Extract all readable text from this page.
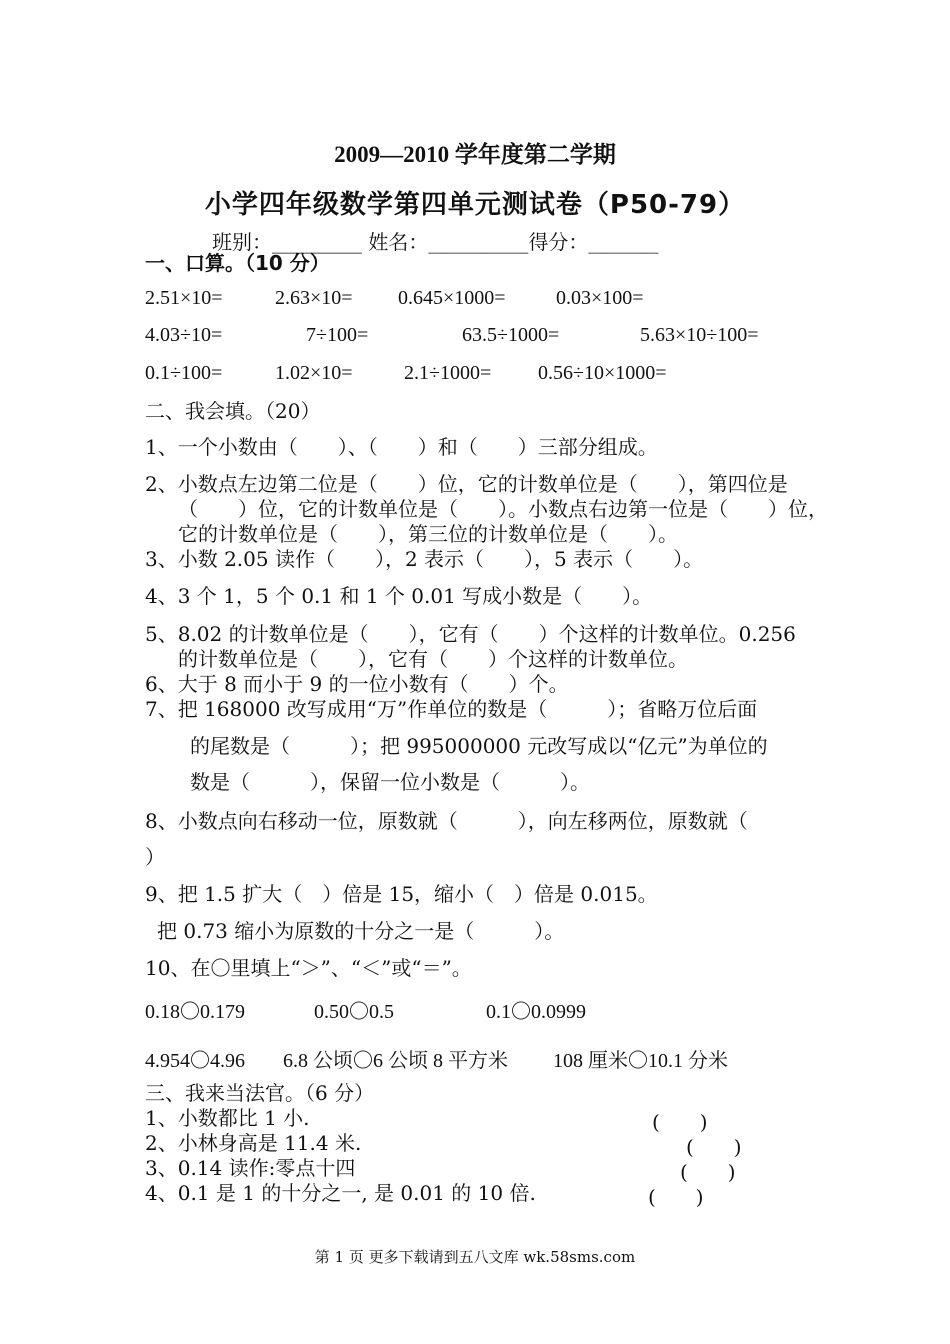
2009—2010 学年度第二学期
小学四年级数学第四单元测试卷（P50-79）
班别：_________ 姓名：__________得分：_______
一、口算。（10 分）
2.51×10=	2.63×10= 0.645×1000=	0.03×100=
4.03÷10=	7÷100=	63.5÷1000=	5.63×10÷100=
0.1÷100=	1.02×10=	2.1÷1000= 0.56÷10×1000=
二、我会填。（20）
1、一个小数由（　　）、（　　）和（　　）三部分组成。
2、小数点左边第二位是（　　）位，它的计数单位是（　　），第四位是
（　　）位，它的计数单位是（　　）。小数点右边第一位是（　　）位，
它的计数单位是（　　），第三位的计数单位是（　　）。
3、小数 2.05 读作（　　），2 表示（　　），5 表示（　　）。
4、3 个 1，5 个 0.1 和 1 个 0.01 写成小数是（　　）。
5、8.02 的计数单位是（　　），它有（　　）个这样的计数单位。0.256
的计数单位是（　　），它有（　　）个这样的计数单位。
6、大于 8 而小于 9 的一位小数有（　　）个。
7、把 168000 改写成用“万”作单位的数是（　　　）；省略万位后面
的尾数是（　　　）；把 995000000 元改写成以“亿元”为单位的
数是（　　　），保留一位小数是（　　　）。
8、小数点向右移动一位，原数就（　　　），向左移两位，原数就（
）
9、把 1.5 扩大（　）倍是 15，缩小（　）倍是 0.015。
把 0.73 缩小为原数的十分之一是（　　　）。
10、在〇里填上“＞”、“＜”或“＝”。
0.18〇0.179	0.50〇0.5	0.1〇0.0999
4.954〇4.96 6.8 公顷〇6 公顷 8 平方米 108 厘米〇10.1 分米
三、我来当法官。（6 分）
1、小数都比 1 小.	(　　)
2、小林身高是 11.4 米.	(　　)
3、0.14 读作:零点十四	(　　)
4、0.1 是 1 的十分之一, 是 0.01 的 10 倍.	(　　)
第 1 页 更多下载请到五八文库 wk.58sms.com
